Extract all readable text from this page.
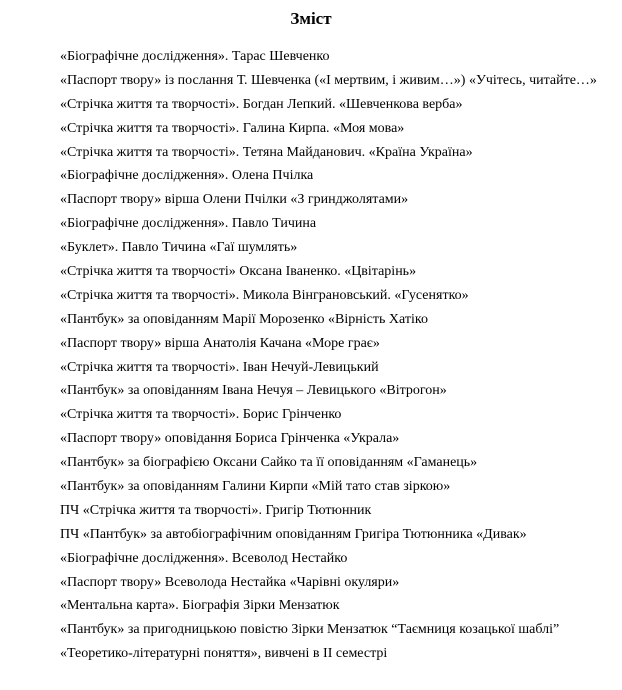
Зміст
«Біографічне дослідження». Тарас Шевченко
«Паспорт твору» із послання Т. Шевченка («І мертвим, і живим…») «Учітесь, читайте…»
«Стрічка життя та творчості». Богдан Лепкий. «Шевченкова верба»
«Стрічка життя та творчості». Галина Кирпа. «Моя мова»
«Стрічка життя та творчості». Тетяна Майданович. «Країна Україна»
«Біографічне дослідження». Олена Пчілка
«Паспорт твору» вірша Олени Пчілки «З гринджолятами»
«Біографічне дослідження». Павло Тичина
«Буклет». Павло Тичина «Гаї шумлять»
«Стрічка життя та творчості» Оксана Іваненко. «Цвітарінь»
«Стрічка життя та творчості». Микола Вінграновський. «Гусенятко»
«Пантбук» за оповіданням Марії Морозенко «Вірність Хатіко
«Паспорт твору» вірша Анатолія Качана «Море грає»
«Стрічка життя та творчості». Іван Нечуй-Левицький
«Пантбук» за оповіданням Івана Нечуя – Левицького «Вітрогон»
«Стрічка життя та творчості». Борис Грінченко
«Паспорт твору» оповідання Бориса Грінченка «Украла»
«Пантбук» за біографією Оксани Сайко та її оповіданням «Гаманець»
«Пантбук» за оповіданням Галини Кирпи «Мій тато став зіркою»
ПЧ «Стрічка життя та творчості». Григір Тютюнник
ПЧ «Пантбук» за автобіографічним оповіданням Григіра Тютюнника «Дивак»
«Біографічне дослідження». Всеволод Нестайко
«Паспорт твору» Всеволода Нестайка «Чарівні окуляри»
«Ментальна карта». Біографія Зірки Мензатюк
«Пантбук» за пригодницькою повістю Зірки Мензатюк “Таємниця козацької шаблі”
«Теоретико-літературні поняття», вивчені в ІІ семестрі
